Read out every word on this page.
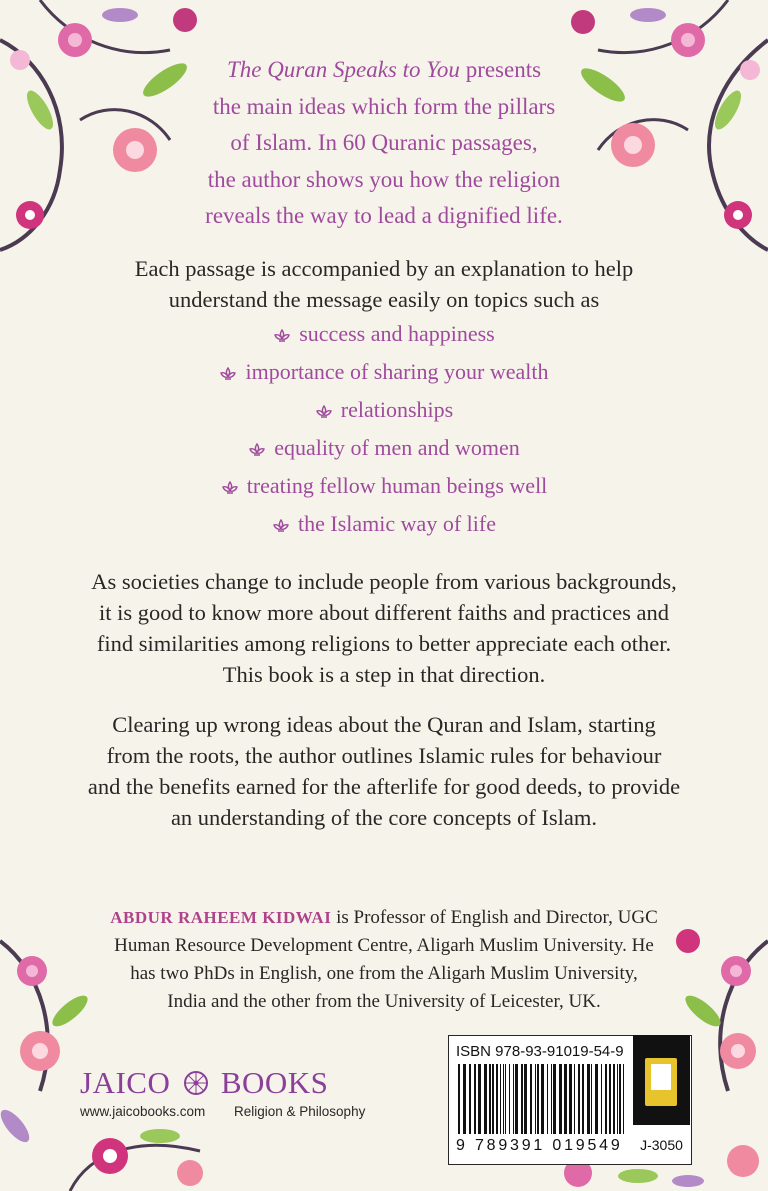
The Quran Speaks to You presents
the main ideas which form the pillars
of Islam. In 60 Quranic passages,
the author shows you how the religion
reveals the way to lead a dignified life.
Each passage is accompanied by an explanation to help
understand the message easily on topics such as
success and happiness
importance of sharing your wealth
relationships
equality of men and women
treating fellow human beings well
the Islamic way of life
As societies change to include people from various backgrounds,
it is good to know more about different faiths and practices and
find similarities among religions to better appreciate each other.
This book is a step in that direction.
Clearing up wrong ideas about the Quran and Islam, starting
from the roots, the author outlines Islamic rules for behaviour
and the benefits earned for the afterlife for good deeds, to provide
an understanding of the core concepts of Islam.
ABDUR RAHEEM KIDWAI is Professor of English and Director, UGC
Human Resource Development Centre, Aligarh Muslim University. He
has two PhDs in English, one from the Aligarh Muslim University,
India and the other from the University of Leicester, UK.
JAICO BOOKS
www.jaicobooks.com Religion & Philosophy
ISBN 978-93-91019-54-9
9 789391 019549	J-3050
